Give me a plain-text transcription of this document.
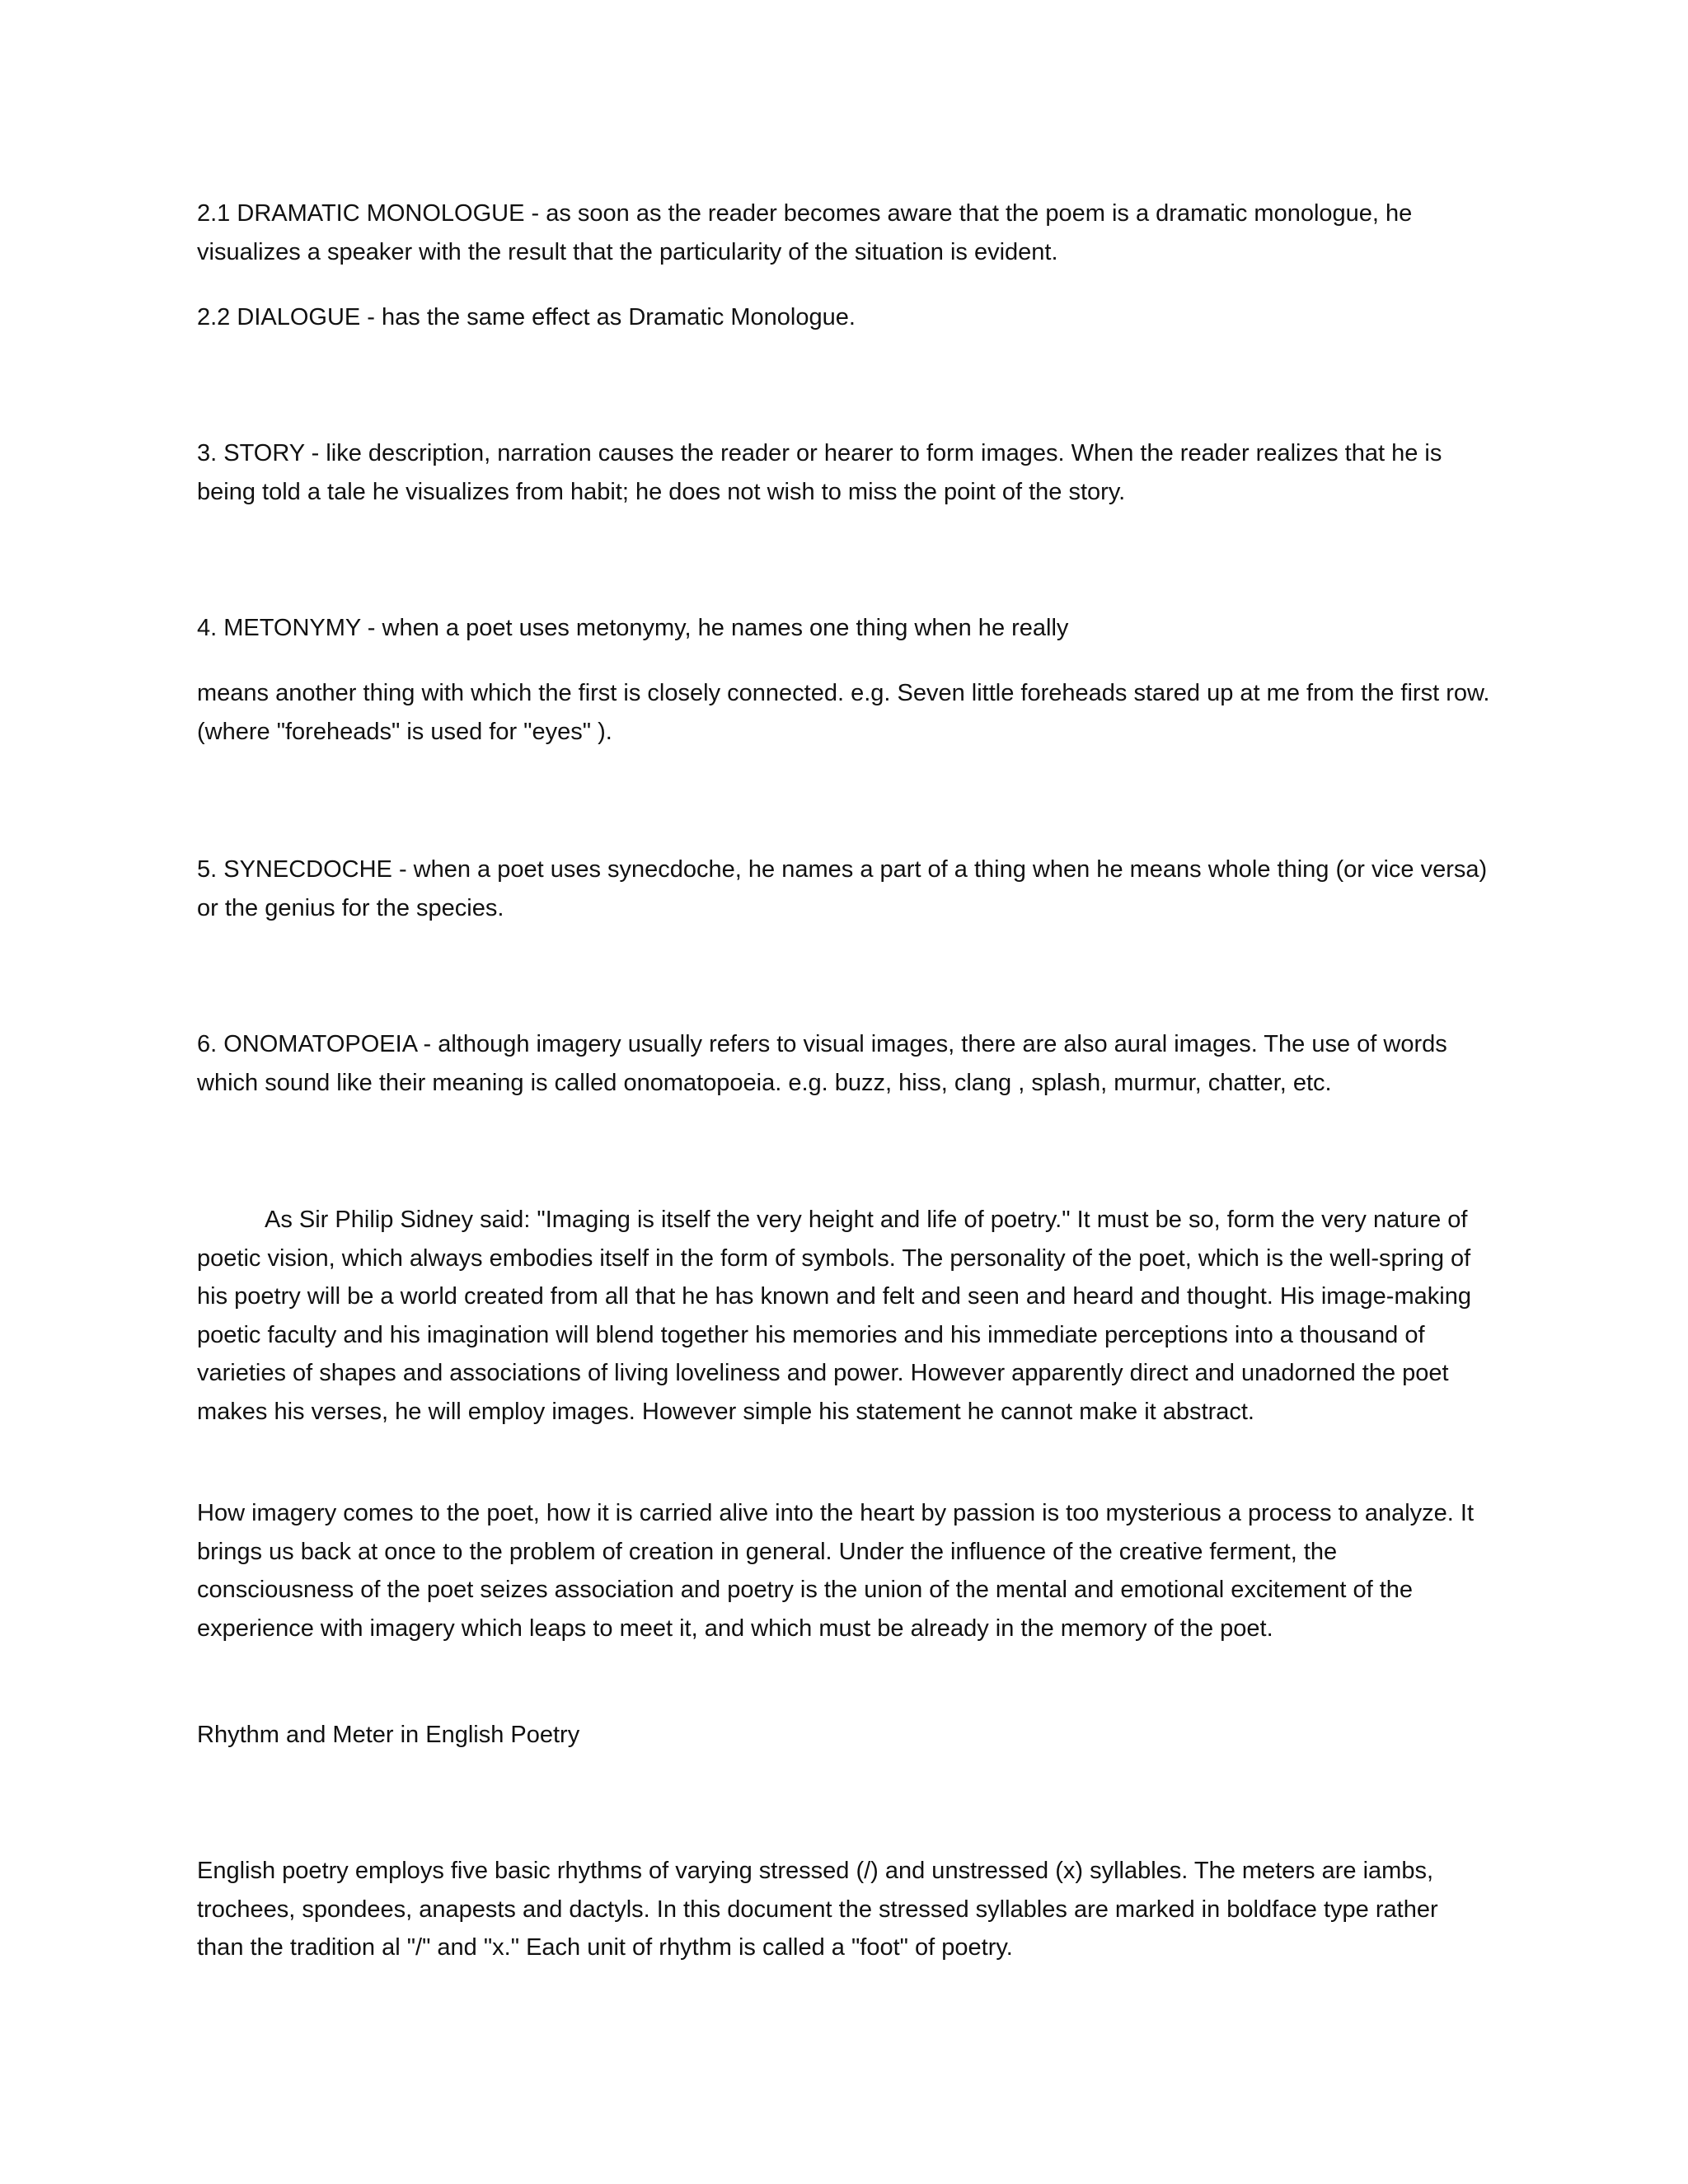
2.1 DRAMATIC MONOLOGUE - as soon as the reader becomes aware that the poem is a dramatic monologue, he visualizes a speaker with the result that the particularity of the situation is evident.

2.2 DIALOGUE - has the same effect as Dramatic Monologue.

3. STORY - like description, narration causes the reader or hearer to form images. When the reader realizes that he is being told a tale he visualizes from habit; he does not wish to miss the point of the story.

4. METONYMY - when a poet uses metonymy, he names one thing when he really

means another thing with which the first is closely connected. e.g. Seven little foreheads stared up at me from the first row. (where "foreheads" is used for "eyes" ).

5. SYNECDOCHE - when a poet uses synecdoche, he names a part of a thing when he means whole thing (or vice versa) or the genius for the species.

6. ONOMATOPOEIA - although imagery usually refers to visual images, there are also aural images. The use of words which sound like their meaning is called onomatopoeia. e.g. buzz, hiss, clang , splash, murmur, chatter, etc.

As Sir Philip Sidney said: "Imaging is itself the very height and life of poetry." It must be so, form the very nature of poetic vision, which always embodies itself in the form of symbols. The personality of the poet, which is the well-spring of his poetry will be a world created from all that he has known and felt and seen and heard and thought. His image-making poetic faculty and his imagination will blend together his memories and his immediate perceptions into a thousand of varieties of shapes and associations of living loveliness and power. However apparently direct and unadorned the poet makes his verses, he will employ images. However simple his statement he cannot make it abstract.

How imagery comes to the poet, how it is carried alive into the heart by passion is too mysterious a process to analyze. It brings us back at once to the problem of creation in general. Under the influence of the creative ferment, the consciousness of the poet seizes association and poetry is the union of the mental and emotional excitement of the experience with imagery which leaps to meet it, and which must be already in the memory of the poet.

Rhythm and Meter in English Poetry

English poetry employs five basic rhythms of varying stressed (/) and unstressed (x) syllables. The meters are iambs, trochees, spondees, anapests and dactyls. In this document the stressed syllables are marked in boldface type rather than the tradition al "/" and "x." Each unit of rhythm is called a "foot" of poetry.
